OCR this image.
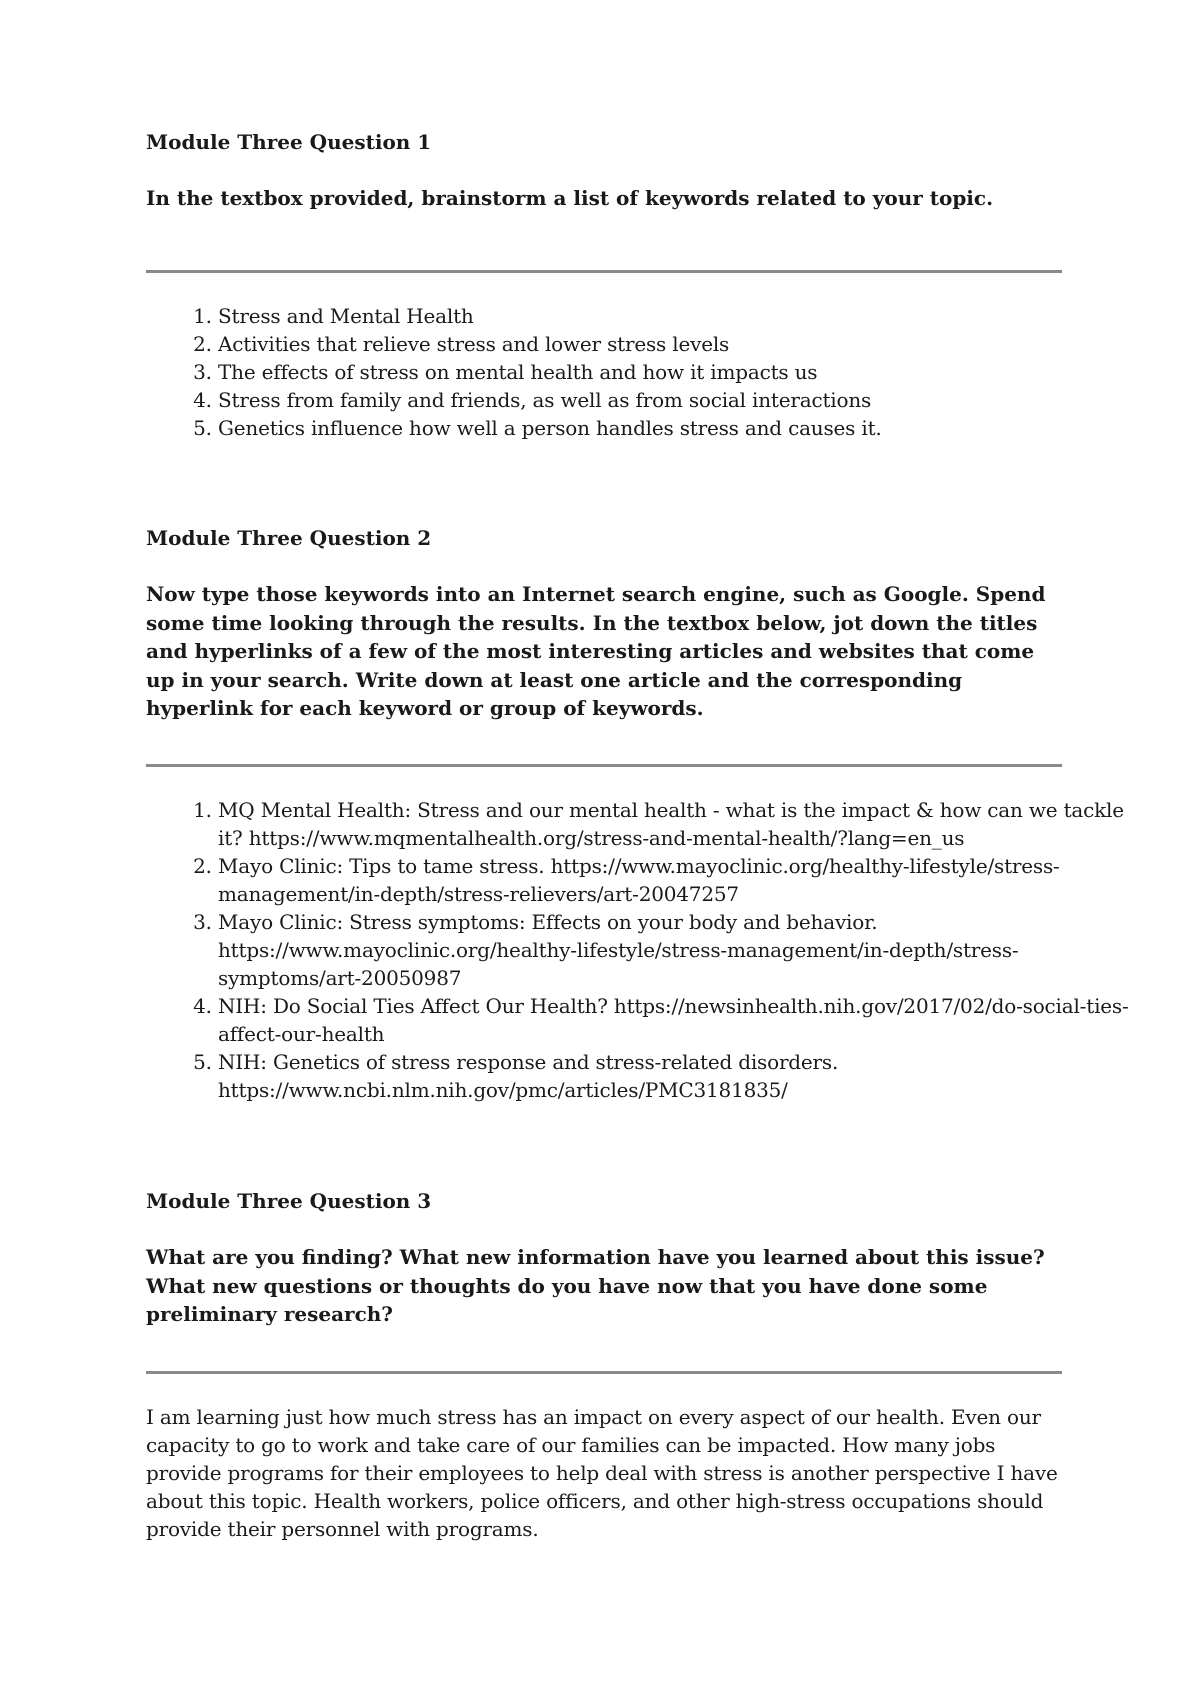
Module Three Question 1

In the textbox provided, brainstorm a list of keywords related to your topic.

1. Stress and Mental Health
2. Activities that relieve stress and lower stress levels
3. The effects of stress on mental health and how it impacts us
4. Stress from family and friends, as well as from social interactions
5. Genetics influence how well a person handles stress and causes it.

Module Three Question 2

Now type those keywords into an Internet search engine, such as Google. Spend some time looking through the results. In the textbox below, jot down the titles and hyperlinks of a few of the most interesting articles and websites that come up in your search. Write down at least one article and the corresponding hyperlink for each keyword or group of keywords.

1. MQ Mental Health: Stress and our mental health - what is the impact & how can we tackle it? https://www.mqmentalhealth.org/stress-and-mental-health/?lang=en_us
2. Mayo Clinic: Tips to tame stress. https://www.mayoclinic.org/healthy-lifestyle/stress-management/in-depth/stress-relievers/art-20047257
3. Mayo Clinic: Stress symptoms: Effects on your body and behavior. https://www.mayoclinic.org/healthy-lifestyle/stress-management/in-depth/stress-symptoms/art-20050987
4. NIH: Do Social Ties Affect Our Health? https://newsinhealth.nih.gov/2017/02/do-social-ties-affect-our-health
5. NIH: Genetics of stress response and stress-related disorders. https://www.ncbi.nlm.nih.gov/pmc/articles/PMC3181835/

Module Three Question 3

What are you finding? What new information have you learned about this issue? What new questions or thoughts do you have now that you have done some preliminary research?

I am learning just how much stress has an impact on every aspect of our health. Even our capacity to go to work and take care of our families can be impacted. How many jobs provide programs for their employees to help deal with stress is another perspective I have about this topic. Health workers, police officers, and other high-stress occupations should provide their personnel with programs.
